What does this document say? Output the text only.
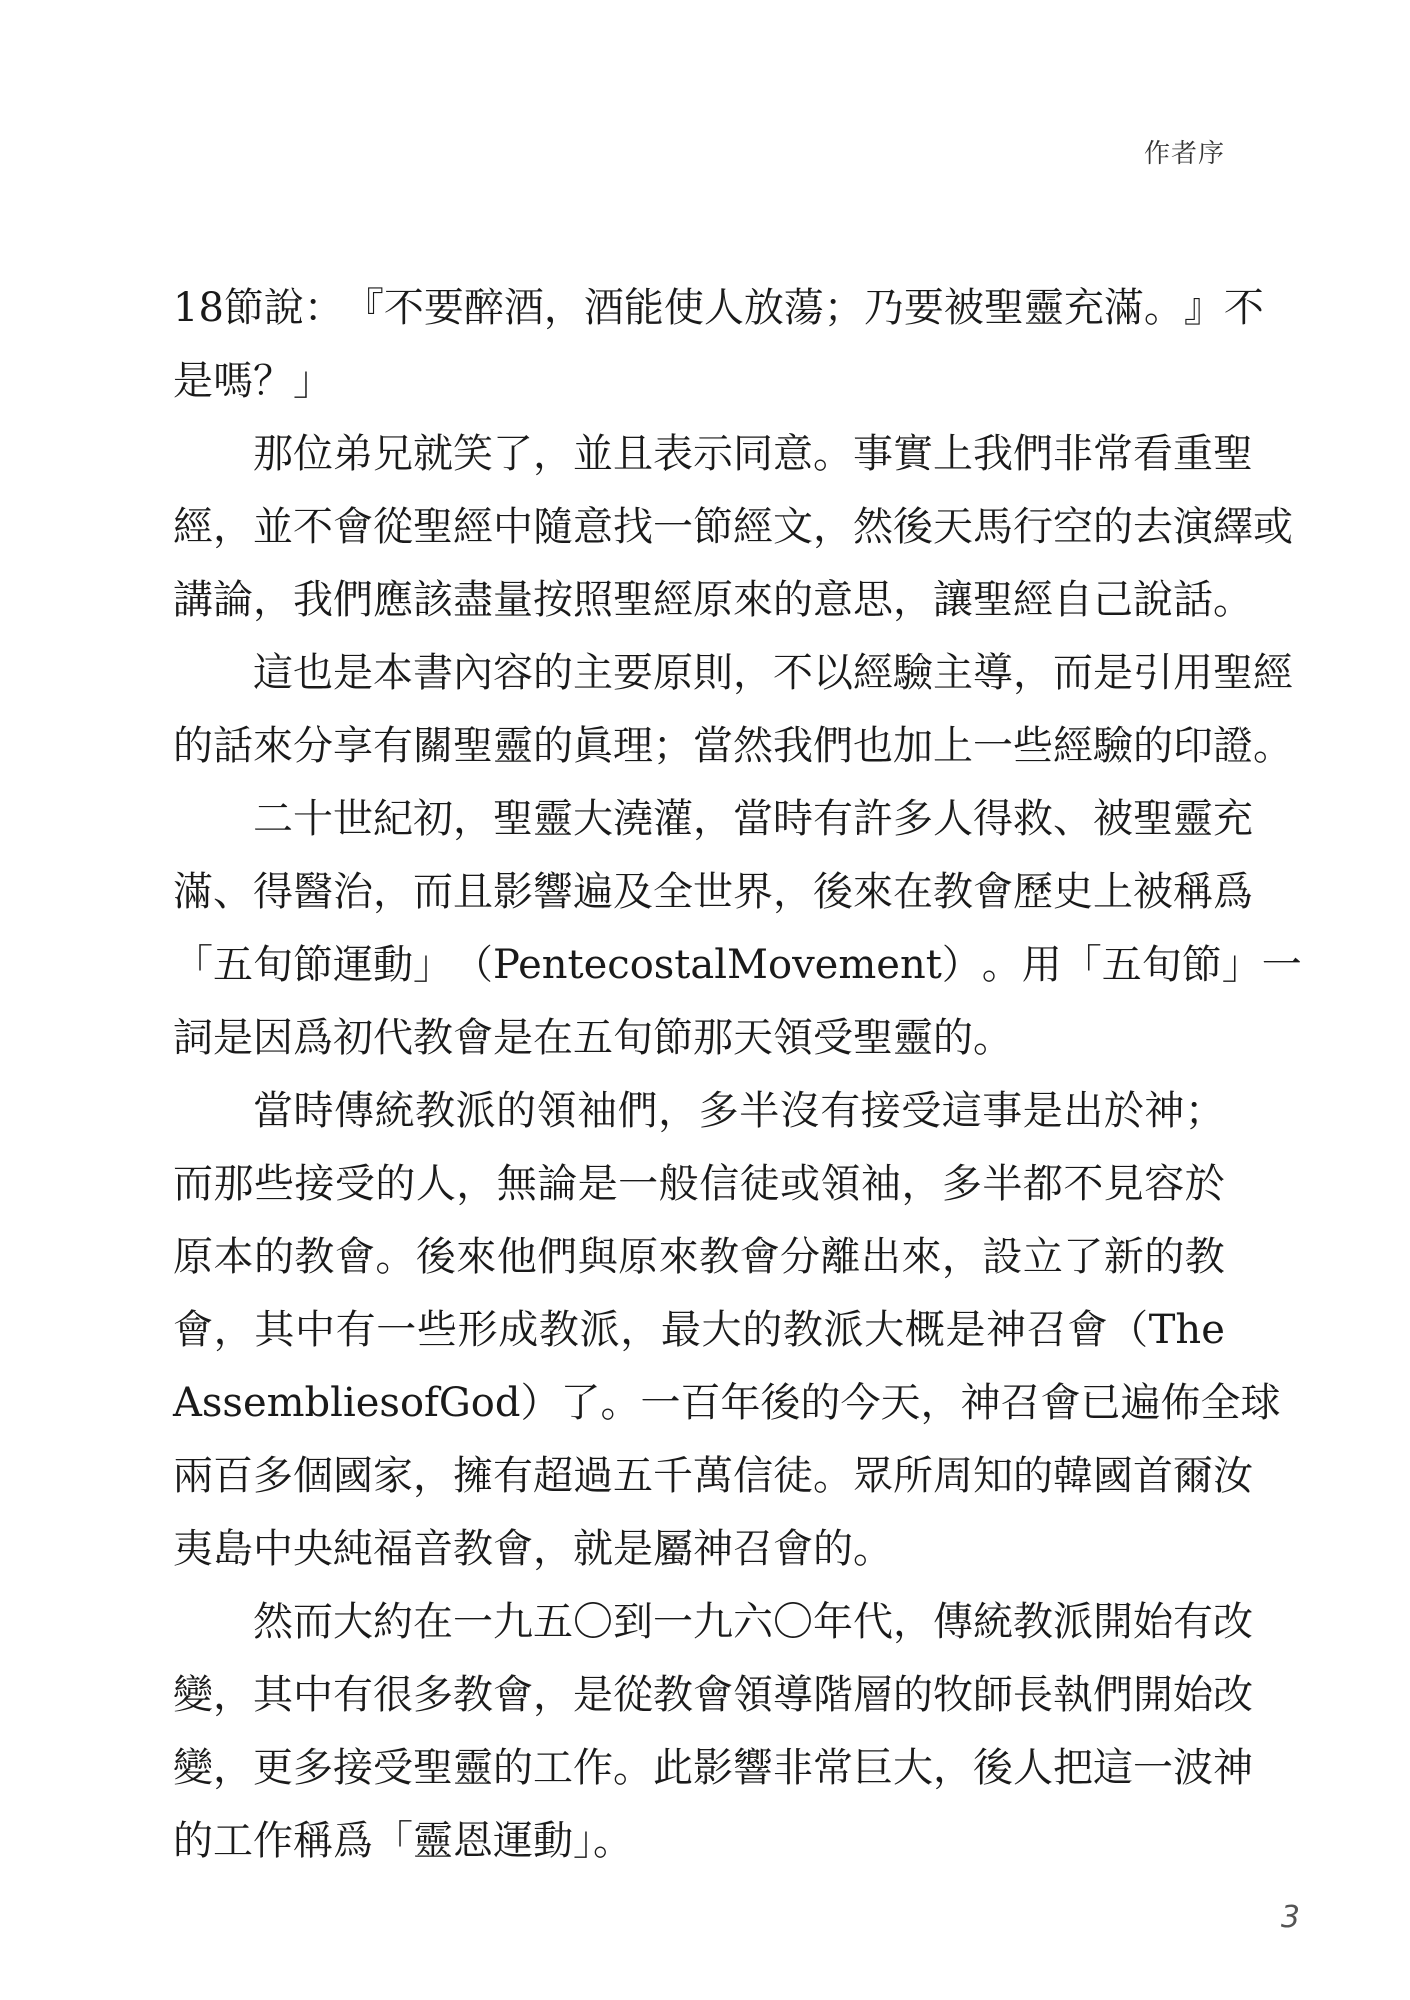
作者序
18 節 說 ： 『 不 要 醉 酒 ， 酒 能 使 人 放 蕩 ； 乃 要 被 聖 靈 充 滿 。 』 不
是嗎？」
那 位 弟 兄 就 笑 了 ， 並 且 表 示 同 意 。 事 實 上 我 們 非 常 看 重 聖
經 ， 並 不 會 從 聖 經 中 隨 意 找 一 節 經 文 ， 然 後 天 馬 行 空 的 去 演 繹 或
講論，我們應該盡量按照聖經原來的意思，讓聖經自己說話。
這 也 是 本 書 內 容 的 主 要 原 則 ， 不 以 經 驗 主 導 ， 而 是 引 用 聖 經
的話來分享有關聖靈的眞理；當然我們也加上一些經驗的印證。
二 十 世 紀 初 ， 聖 靈 大 澆 灌 ， 當 時 有 許 多 人 得 救 、 被 聖 靈 充
滿 、 得 醫 治 ， 而 且 影 響 遍 及 全 世 界 ， 後 來 在 教 會 歷 史 上 被 稱 爲
「 五 旬 節 運 動 」 （ Pentecostal Movement ） 。 用 「 五 旬 節 」 一
詞是因爲初代教會是在五旬節那天領受聖靈的。
當 時 傳 統 教 派 的 領 袖 們 ， 多 半 沒 有 接 受 這 事 是 出 於 神 ；
而 那 些 接 受 的 人 ， 無 論 是 一 般 信 徒 或 領 袖 ， 多 半 都 不 見 容 於
原 本 的 教 會 。 後 來 他 們 與 原 來 教 會 分 離 出 來 ， 設 立 了 新 的 教
會 ， 其 中 有 一 些 形 成 教 派 ， 最 大 的 教 派 大 概 是 神 召 會 （ The
Assemblies of God ） 了 。 一 百 年 後 的 今 天 ， 神 召 會 已 遍 佈 全 球
兩 百 多 個 國 家 ， 擁 有 超 過 五 千 萬 信 徒 。 眾 所 周 知 的 韓 國 首 爾 汝
夷島中央純福音教會，就是屬神召會的。
然 而 大 約 在 一 九 五 〇 到 一 九 六 〇 年 代 ， 傳 統 教 派 開 始 有 改
變 ， 其 中 有 很 多 教 會 ， 是 從 教 會 領 導 階 層 的 牧 師 長 執 們 開 始 改
變 ， 更 多 接 受 聖 靈 的 工 作 。 此 影 響 非 常 巨 大 ， 後 人 把 這 一 波 神
的工作稱爲「靈恩運動」。
3
